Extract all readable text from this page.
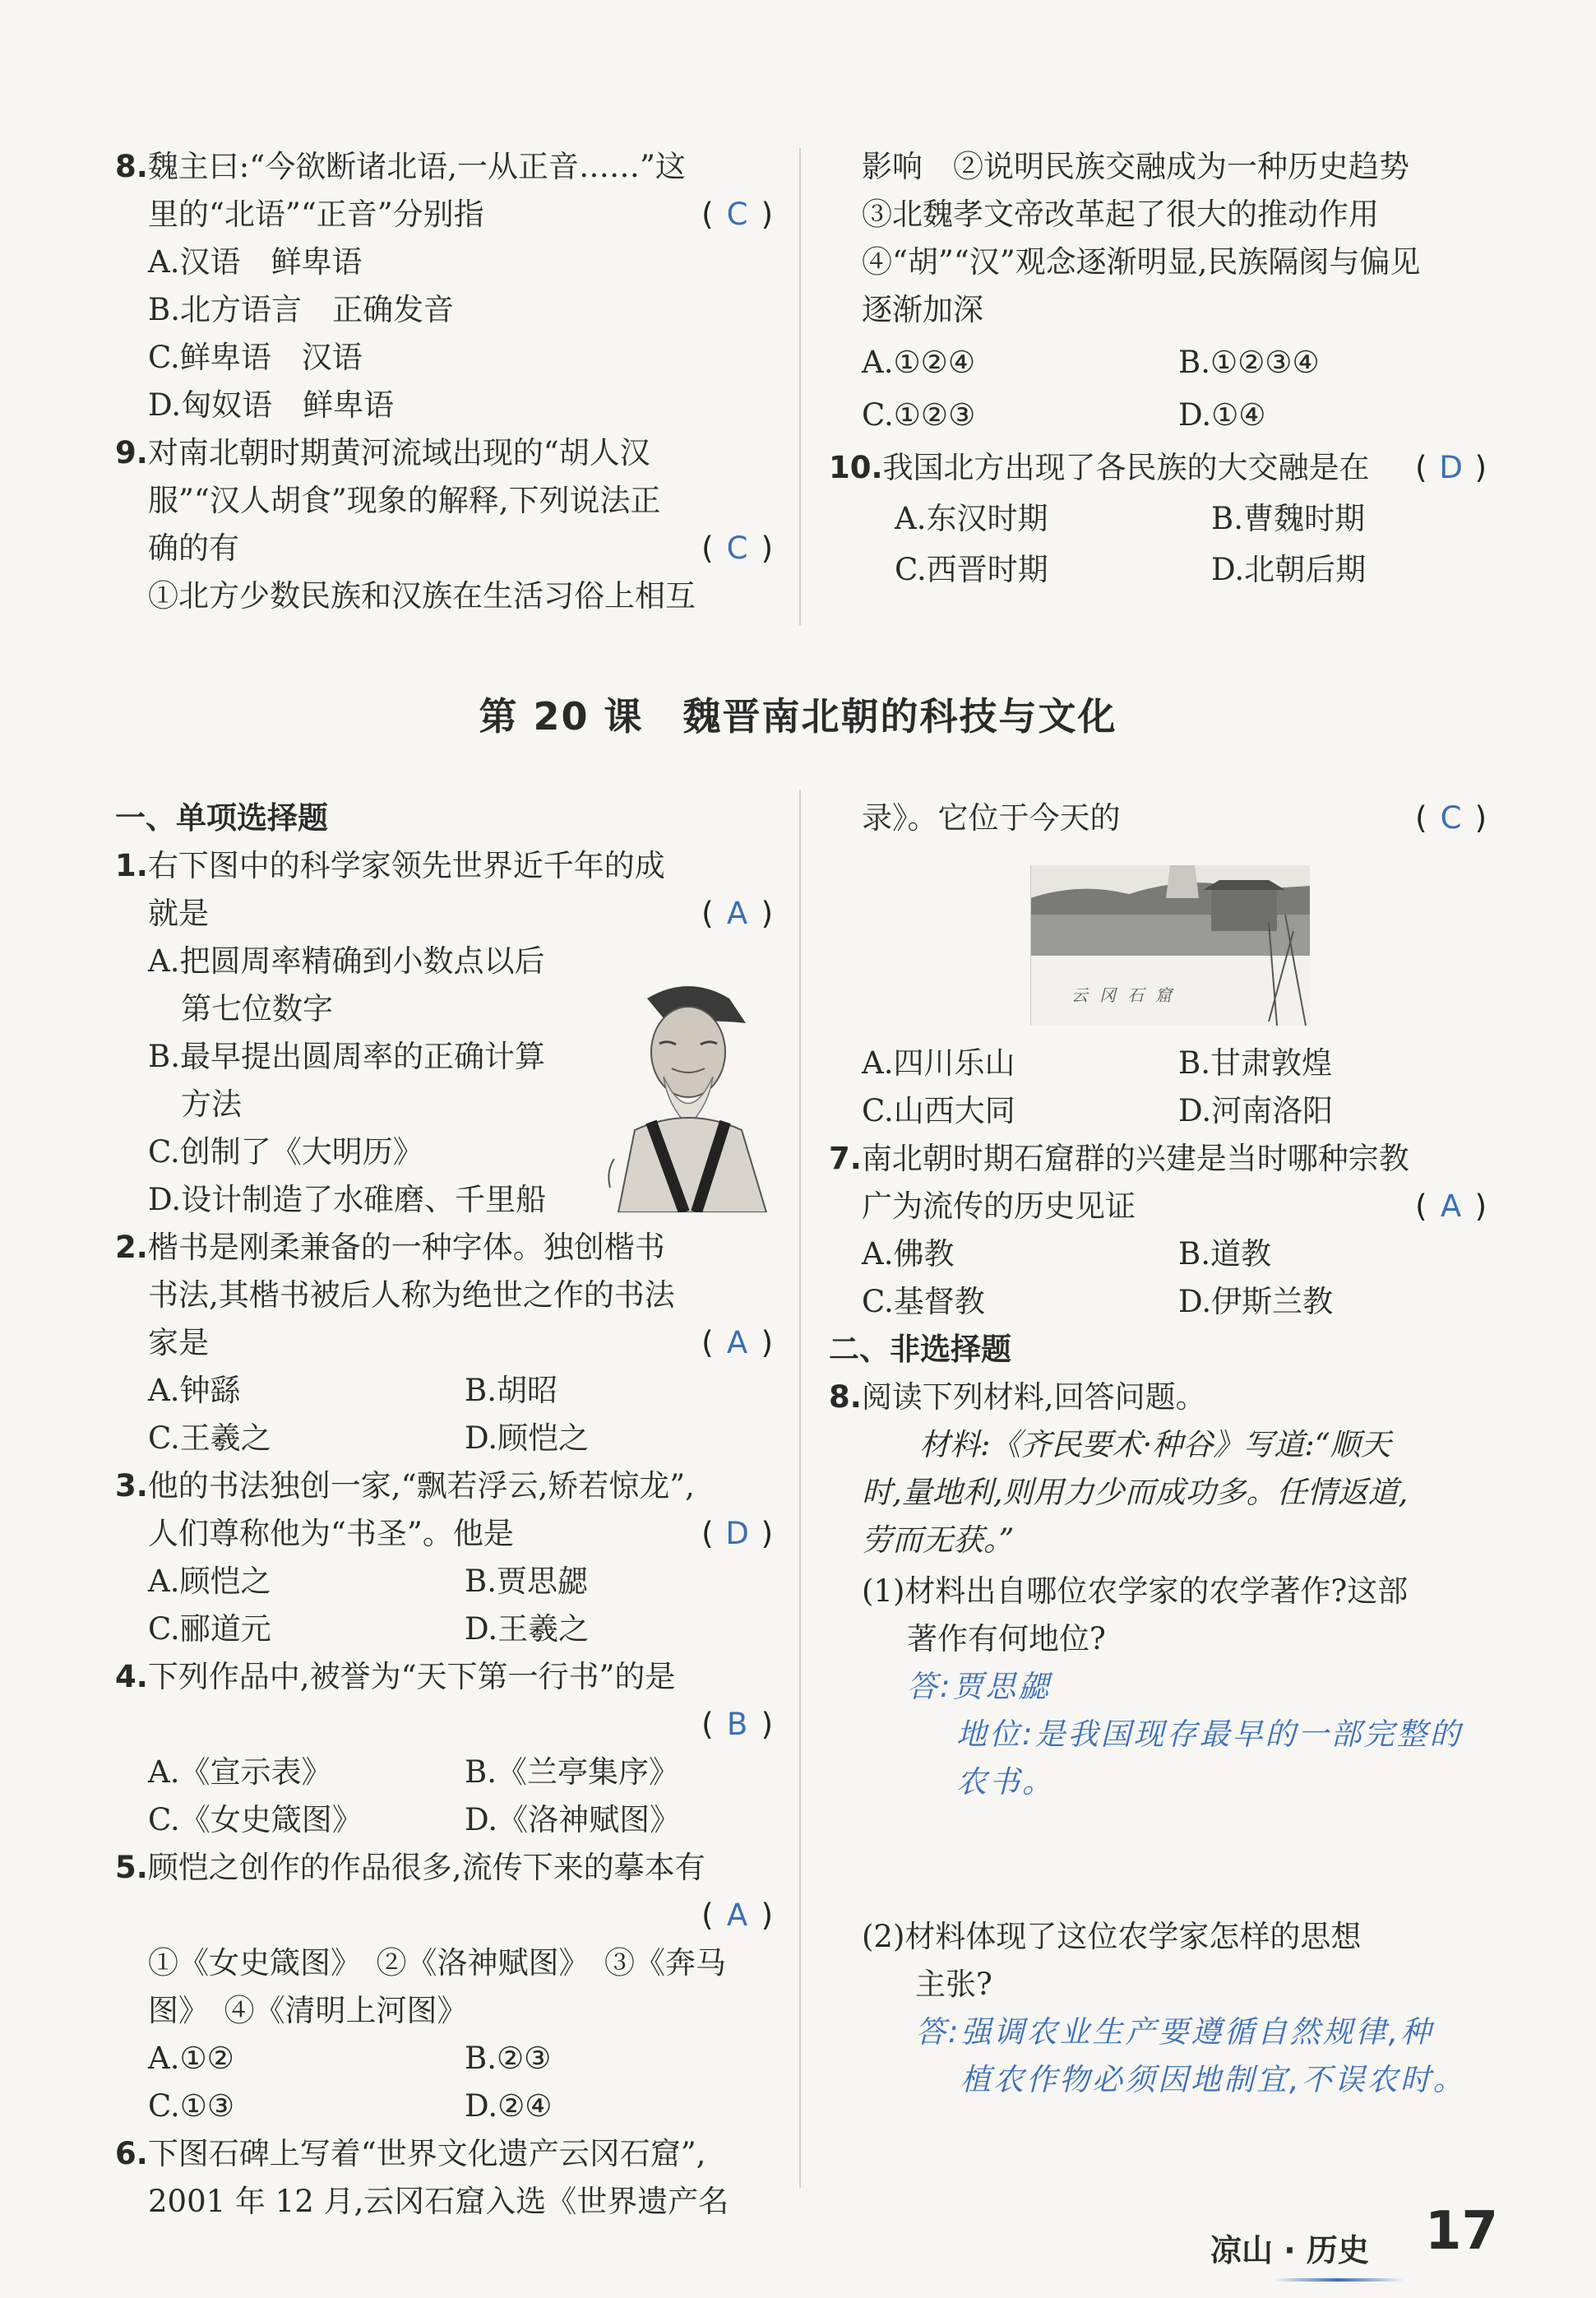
8.魏主曰:“今欲断诸北语,一从正音……”这
里的“北语”“正音”分别指	( C )
A.汉语　鲜卑语
B.北方语言　正确发音
C.鲜卑语　汉语
D.匈奴语　鲜卑语
9.对南北朝时期黄河流域出现的“胡人汉
服”“汉人胡食”现象的解释,下列说法正
确的有	( C )
①北方少数民族和汉族在生活习俗上相互
影响　②说明民族交融成为一种历史趋势
③北魏孝文帝改革起了很大的推动作用
④“胡”“汉”观念逐渐明显,民族隔阂与偏见
逐渐加深
A.①②④	B.①②③④
C.①②③	D.①④
10.我国北方出现了各民族的大交融是在 ( D )
A.东汉时期	B.曹魏时期
C.西晋时期	D.北朝后期
第 20 课　魏晋南北朝的科技与文化
一、单项选择题
1.右下图中的科学家领先世界近千年的成
就是	( A )
A.把圆周率精确到小数点以后
第七位数字
B.最早提出圆周率的正确计算
方法
C.创制了《大明历》
D.设计制造了水碓磨、千里船
2.楷书是刚柔兼备的一种字体。独创楷书
书法,其楷书被后人称为绝世之作的书法
家是	( A )
A.钟繇	B.胡昭
C.王羲之	D.顾恺之
3.他的书法独创一家,“飘若浮云,矫若惊龙”,
人们尊称他为“书圣”。他是	( D )
A.顾恺之	B.贾思勰
C.郦道元	D.王羲之
4.下列作品中,被誉为“天下第一行书”的是
( B )
A.《宣示表》	B.《兰亭集序》
C.《女史箴图》	D.《洛神赋图》
5.顾恺之创作的作品很多,流传下来的摹本有
( A )
①《女史箴图》　②《洛神赋图》　③《奔马
图》　④《清明上河图》
A.①②	B.②③
C.①③	D.②④
6.下图石碑上写着“世界文化遗产云冈石窟”,
2001 年 12 月,云冈石窟入选《世界遗产名
录》。它位于今天的	( C )
云冈石窟
A.四川乐山	B.甘肃敦煌
C.山西大同	D.河南洛阳
7.南北朝时期石窟群的兴建是当时哪种宗教
广为流传的历史见证	( A )
A.佛教	B.道教
C.基督教	D.伊斯兰教
二、非选择题
8.阅读下列材料,回答问题。
材料:《齐民要术·种谷》写道:“顺天
时,量地利,则用力少而成功多。任情返道,
劳而无获。”
(1)材料出自哪位农学家的农学著作?这部
著作有何地位?
答:贾思勰
地位:是我国现存最早的一部完整的
农书。
(2)材料体现了这位农学家怎样的思想
主张?
答:强调农业生产要遵循自然规律,种
植农作物必须因地制宜,不误农时。
凉山 · 历史 17
